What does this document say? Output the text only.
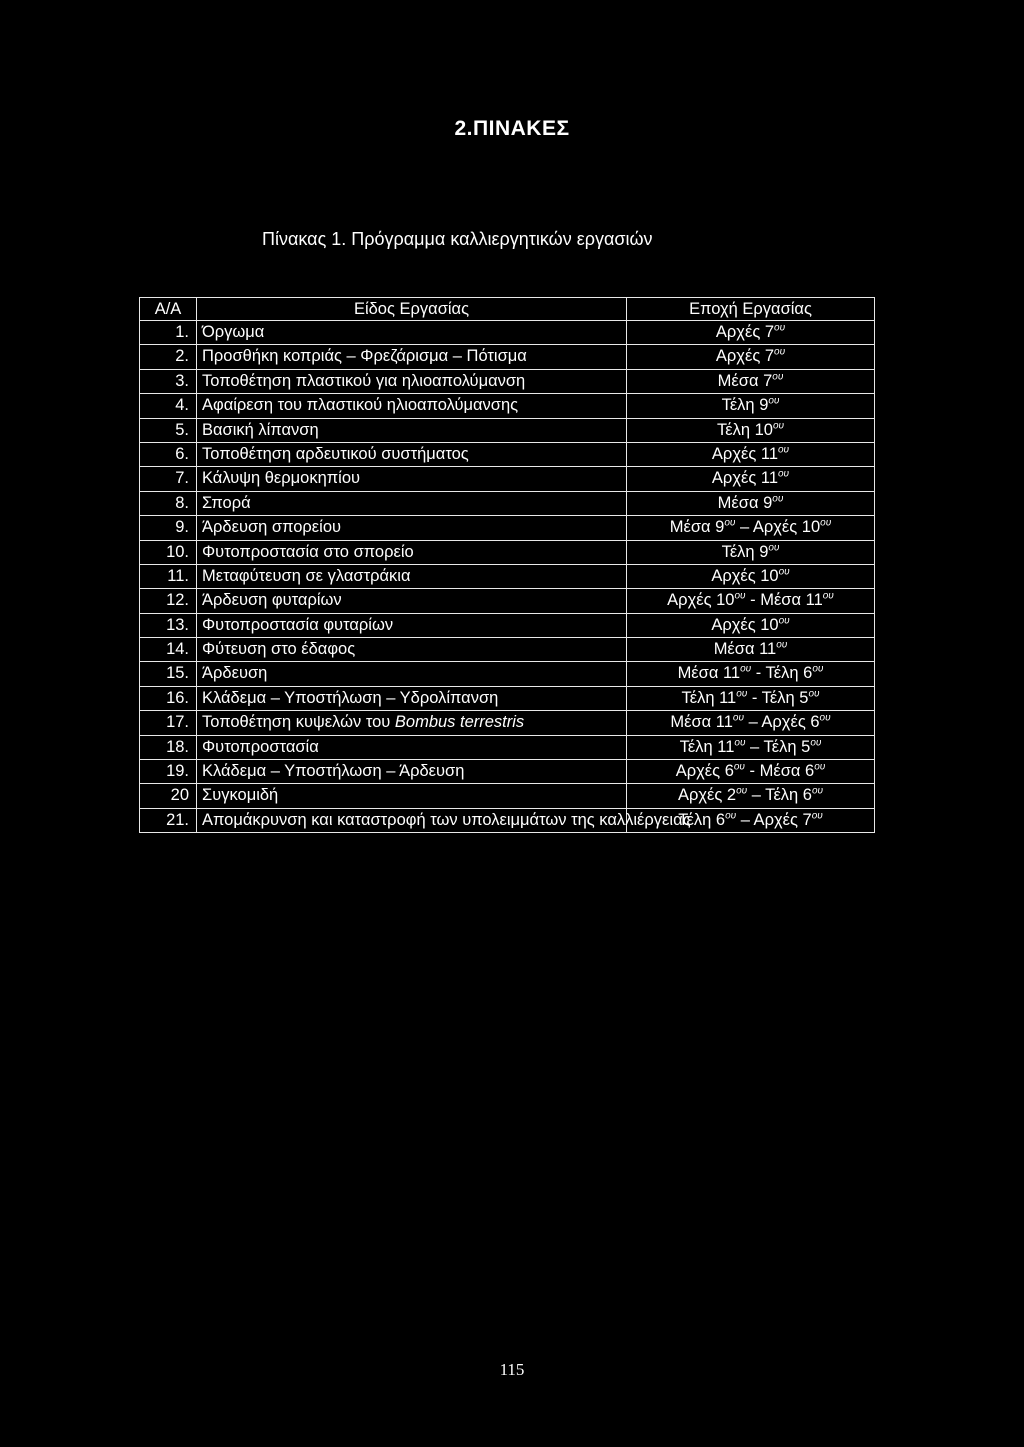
2.ΠΙΝΑΚΕΣ
Πίνακας 1. Πρόγραμμα καλλιεργητικών εργασιών
Α/Α	Είδος Εργασίας	Εποχή Εργασίας
1.	Όργωμα	Αρχές $7^{o\upsilon}$
2.	Προσθήκη κοπριάς – Φρεζάρισμα – Πότισμα	Αρχές $7^{o\upsilon}$
3.	Τοποθέτηση πλαστικού για ηλιοαπολύμανση	Μέσα $7^{o\upsilon}$
4.	Αφαίρεση του πλαστικού ηλιοαπολύμανσης	Τέλη $9^{o\upsilon}$
5.	Βασική λίπανση	Τέλη $10^{o\upsilon}$
6.	Τοποθέτηση αρδευτικού συστήματος	Αρχές $11^{o\upsilon}$
7.	Κάλυψη θερμοκηπίου	Αρχές $11^{o\upsilon}$
8.	Σπορά	Μέσα $9^{o\upsilon}$
9.	Άρδευση σπορείου	Μέσα $9^{o\upsilon}$ – Αρχές $10^{o\upsilon}$
10.	Φυτοπροστασία στο σπορείο	Τέλη $9^{o\upsilon}$
11.	Μεταφύτευση σε γλαστράκια	Αρχές $10^{o\upsilon}$
12.	Άρδευση φυταρίων	Αρχές $10^{o\upsilon}$ - Μέσα $11^{o\upsilon}$
13.	Φυτοπροστασία φυταρίων	Αρχές $10^{o\upsilon}$
14.	Φύτευση στο έδαφος	Μέσα $11^{o\upsilon}$
15.	Άρδευση	Μέσα $11^{o\upsilon}$ - Τέλη $6^{o\upsilon}$
16.	Κλάδεμα – Υποστήλωση – Υδρολίπανση	Τέλη $11^{o\upsilon}$ - Τέλη $5^{o\upsilon}$
17.	Τοποθέτηση κυψελών του Bombus terrestris	Μέσα $11^{o\upsilon}$ – Αρχές $6^{o\upsilon}$
18.	Φυτοπροστασία	Τέλη $11^{o\upsilon}$ – Τέλη $5^{o\upsilon}$
19.	Κλάδεμα – Υποστήλωση – Άρδευση	Αρχές $6^{o\upsilon}$ - Μέσα $6^{o\upsilon}$
20	Συγκομιδή	Αρχές $2^{o\upsilon}$ – Τέλη $6^{o\upsilon}$
21.	Απομάκρυνση και καταστροφή των υπολειμμάτων της καλλιέργειας	Τέλη $6^{o\upsilon}$ – Αρχές $7^{o\upsilon}$
115
